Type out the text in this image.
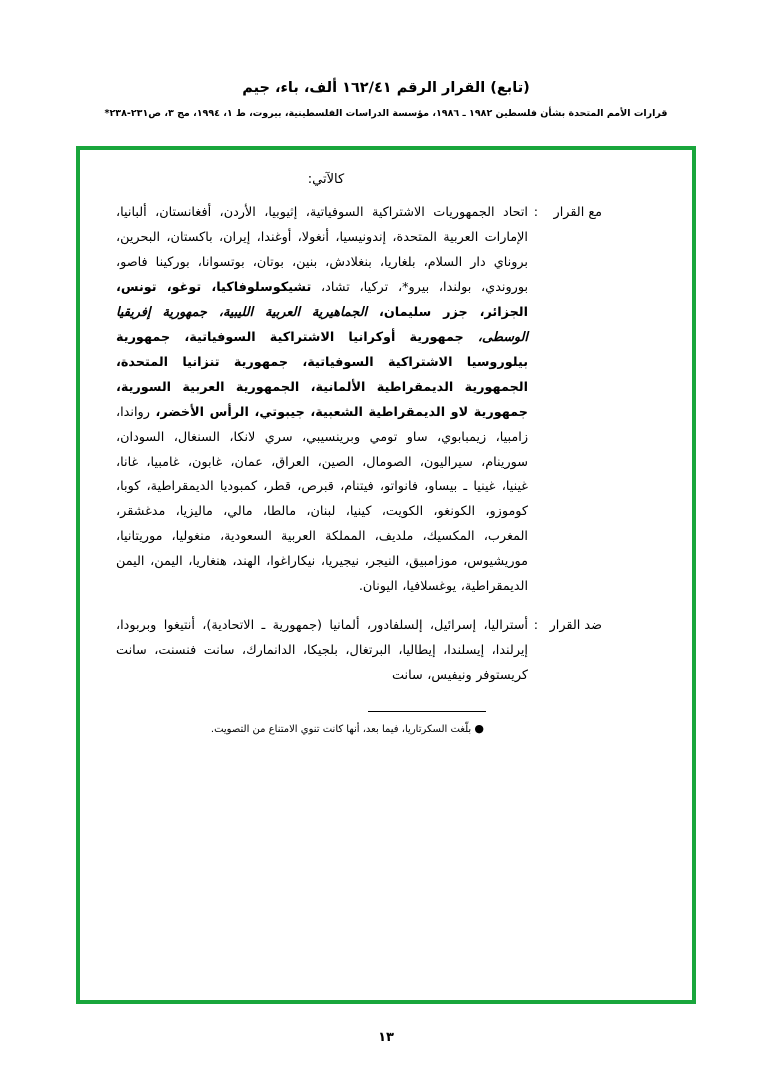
(تابع) القرار الرقم ١٦٢/٤١ ألف، باء، جيم
قرارات الأمم المتحدة بشأن فلسطين ١٩٨٢ ـ ١٩٨٦، مؤسسة الدراسات الفلسطينية، بيروت، ط ١، ١٩٩٤، مج ٣، ص٢٣١-٢٣٨*
كالآتي:
مع القرار
:
اتحاد الجمهوريات الاشتراكية السوفياتية، إثيوبيا، الأردن، أفغانستان، ألبانيا، الإمارات العربية المتحدة، إندونيسيا، أنغولا، أوغندا، إيران، باكستان، البحرين، بروناي دار السلام، بلغاريا، بنغلادش، بنين، بوتان، بوتسوانا، بوركينا فاصو، بوروندي، بولندا، بيرو*، تركيا، تشاد، تشيكوسلوفاكيا، توغو، تونس، الجزائر، جزر سليمان، الجماهيرية العربية الليبية، جمهورية إفريقيا الوسطى، جمهورية أوكرانيا الاشتراكية السوفياتية، جمهورية بيلوروسيا الاشتراكية السوفياتية، جمهورية تنزانيا المتحدة، الجمهورية الديمقراطية الألمانية، الجمهورية العربية السورية، جمهورية لاو الديمقراطية الشعبية، جيبوتي، الرأس الأخضر، رواندا، زامبيا، زيمبابوي، ساو تومي وبرينسيبي، سري لانكا، السنغال، السودان، سورينام، سيراليون، الصومال، الصين، العراق، عمان، غابون، غامبيا، غانا، غينيا، غينيا ـ بيساو، فانواتو، فيتنام، قبرص، قطر، كمبوديا الديمقراطية، كوبا، كوموزو، الكونغو، الكويت، كينيا، لبنان، مالطا، مالي، ماليزيا، مدغشقر، المغرب، المكسيك، ملديف، المملكة العربية السعودية، منغوليا، موريتانيا، موريشيوس، موزامبيق، النيجر، نيجيريا، نيكاراغوا، الهند، هنغاريا، اليمن، اليمن الديمقراطية، يوغسلافيا، اليونان.
ضد القرار
:
أسترالیا، إسرائيل، إلسلفادور، ألمانيا (جمهورية ـ الاتحادية)، أنتيغوا وبربودا، إيرلندا، إيسلندا، إيطاليا، البرتغال، بلجيكا، الدانمارك، سانت فنسنت، سانت كريستوفر ونيفيس، سانت
● بلّغت السكرتاريا، فيما بعد، أنها كانت تنوي الامتناع من التصويت.
١٣
